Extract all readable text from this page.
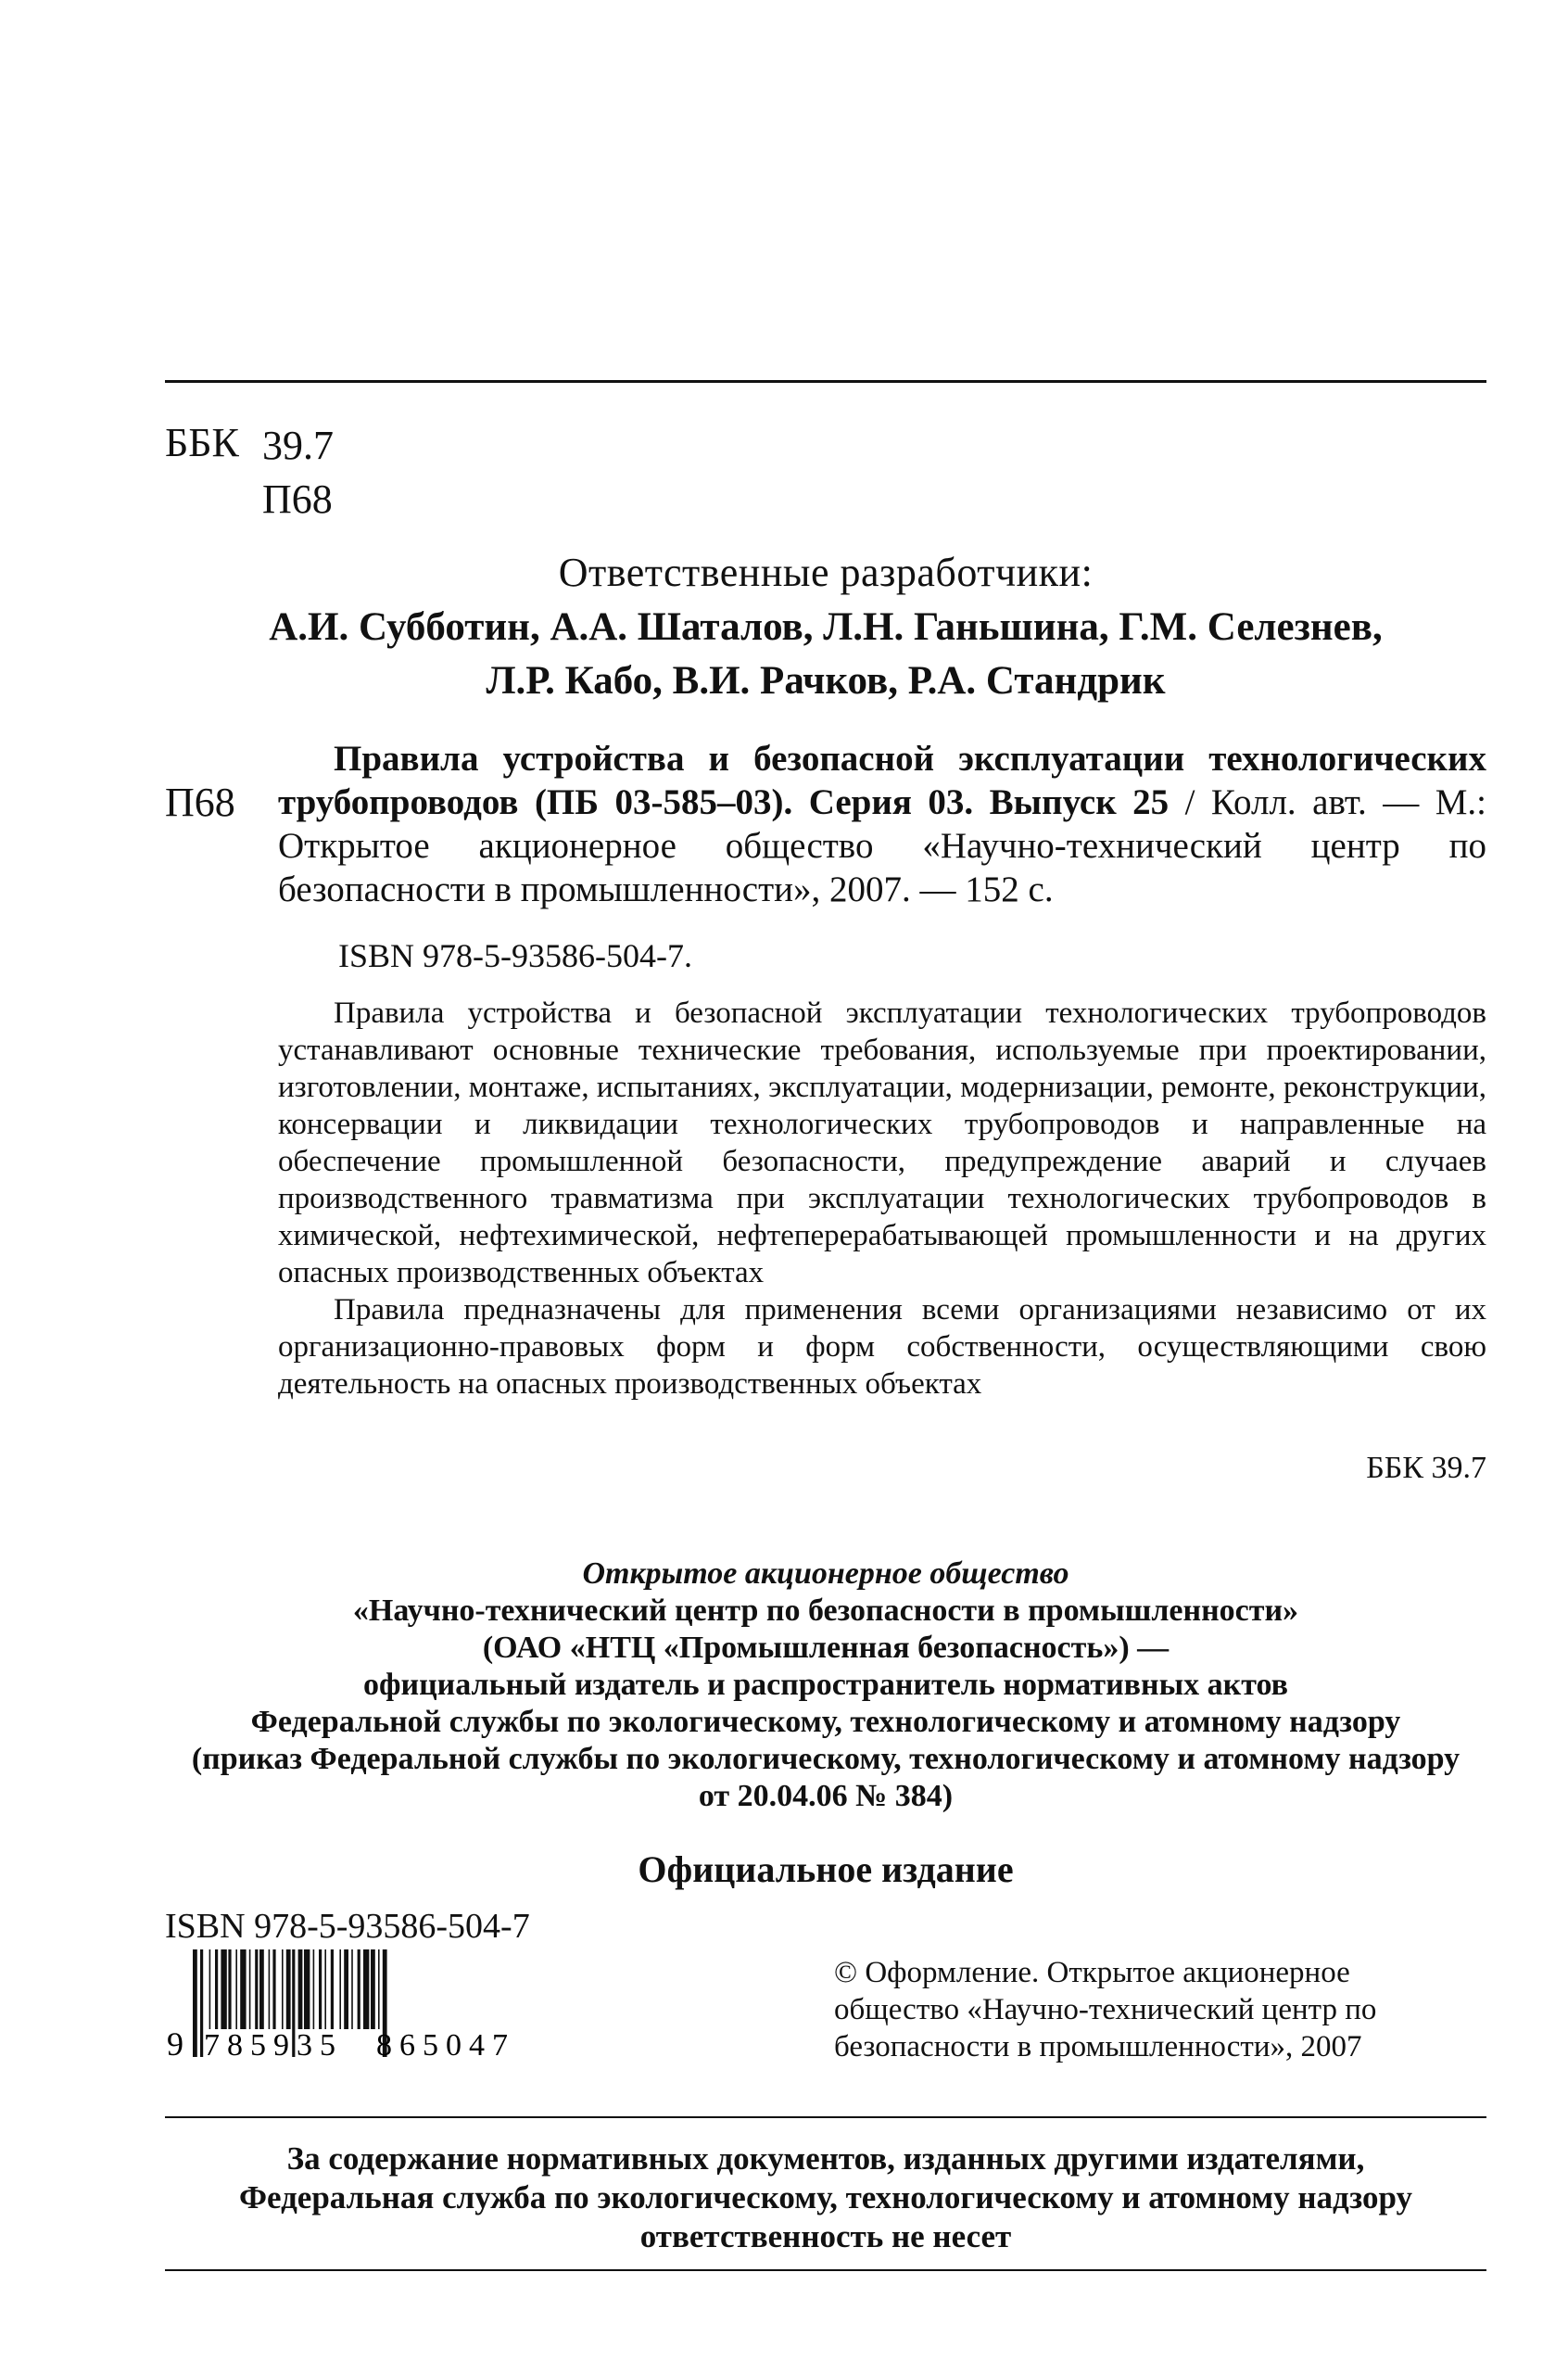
ББК 39.7
П68
Ответственные разработчики:
А.И. Субботин, А.А. Шаталов, Л.Н. Ганьшина, Г.М. Селезнев,
Л.Р. Кабо, В.И. Рачков, Р.А. Стандрик
П68
Правила устройства и безопасной эксплуатации технологических трубопроводов (ПБ 03-585–03). Серия 03. Выпуск 25 / Колл. авт. — М.: Открытое акционерное общество «Научно-технический центр по безопасности в промышленности», 2007. — 152 с.
ISBN 978-5-93586-504-7.

Правила устройства и безопасной эксплуатации технологических трубопроводов устанавливают основные технические требования, используемые при проектировании, изготовлении, монтаже, испытаниях, эксплуатации, модернизации, ремонте, реконструкции, консервации и ликвидации технологических трубопроводов и направленные на обеспечение промышленной безопасности, предупреждение аварий и случаев производственного травматизма при эксплуатации технологических трубопроводов в химической, нефтехимической, нефтеперерабатывающей промышленности и на других опасных производственных объектах

Правила предназначены для применения всеми организациями независимо от их организационно-правовых форм и форм собственности, осуществляющими свою деятельность на опасных производственных объектах

ББК 39.7
Открытое акционерное общество
«Научно-технический центр по безопасности в промышленности»
(ОАО «НТЦ «Промышленная безопасность») —
официальный издатель и распространитель нормативных актов
Федеральной службы по экологическому, технологическому и атомному надзору
(приказ Федеральной службы по экологическому, технологическому и атомному надзору
от 20.04.06 № 384)
Официальное издание
ISBN 978-5-93586-504-7
9 785935 865047
© Оформление. Открытое акционерное
общество «Научно-технический центр по
безопасности в промышленности», 2007
За содержание нормативных документов, изданных другими издателями,
Федеральная служба по экологическому, технологическому и атомному надзору
ответственность не несет
